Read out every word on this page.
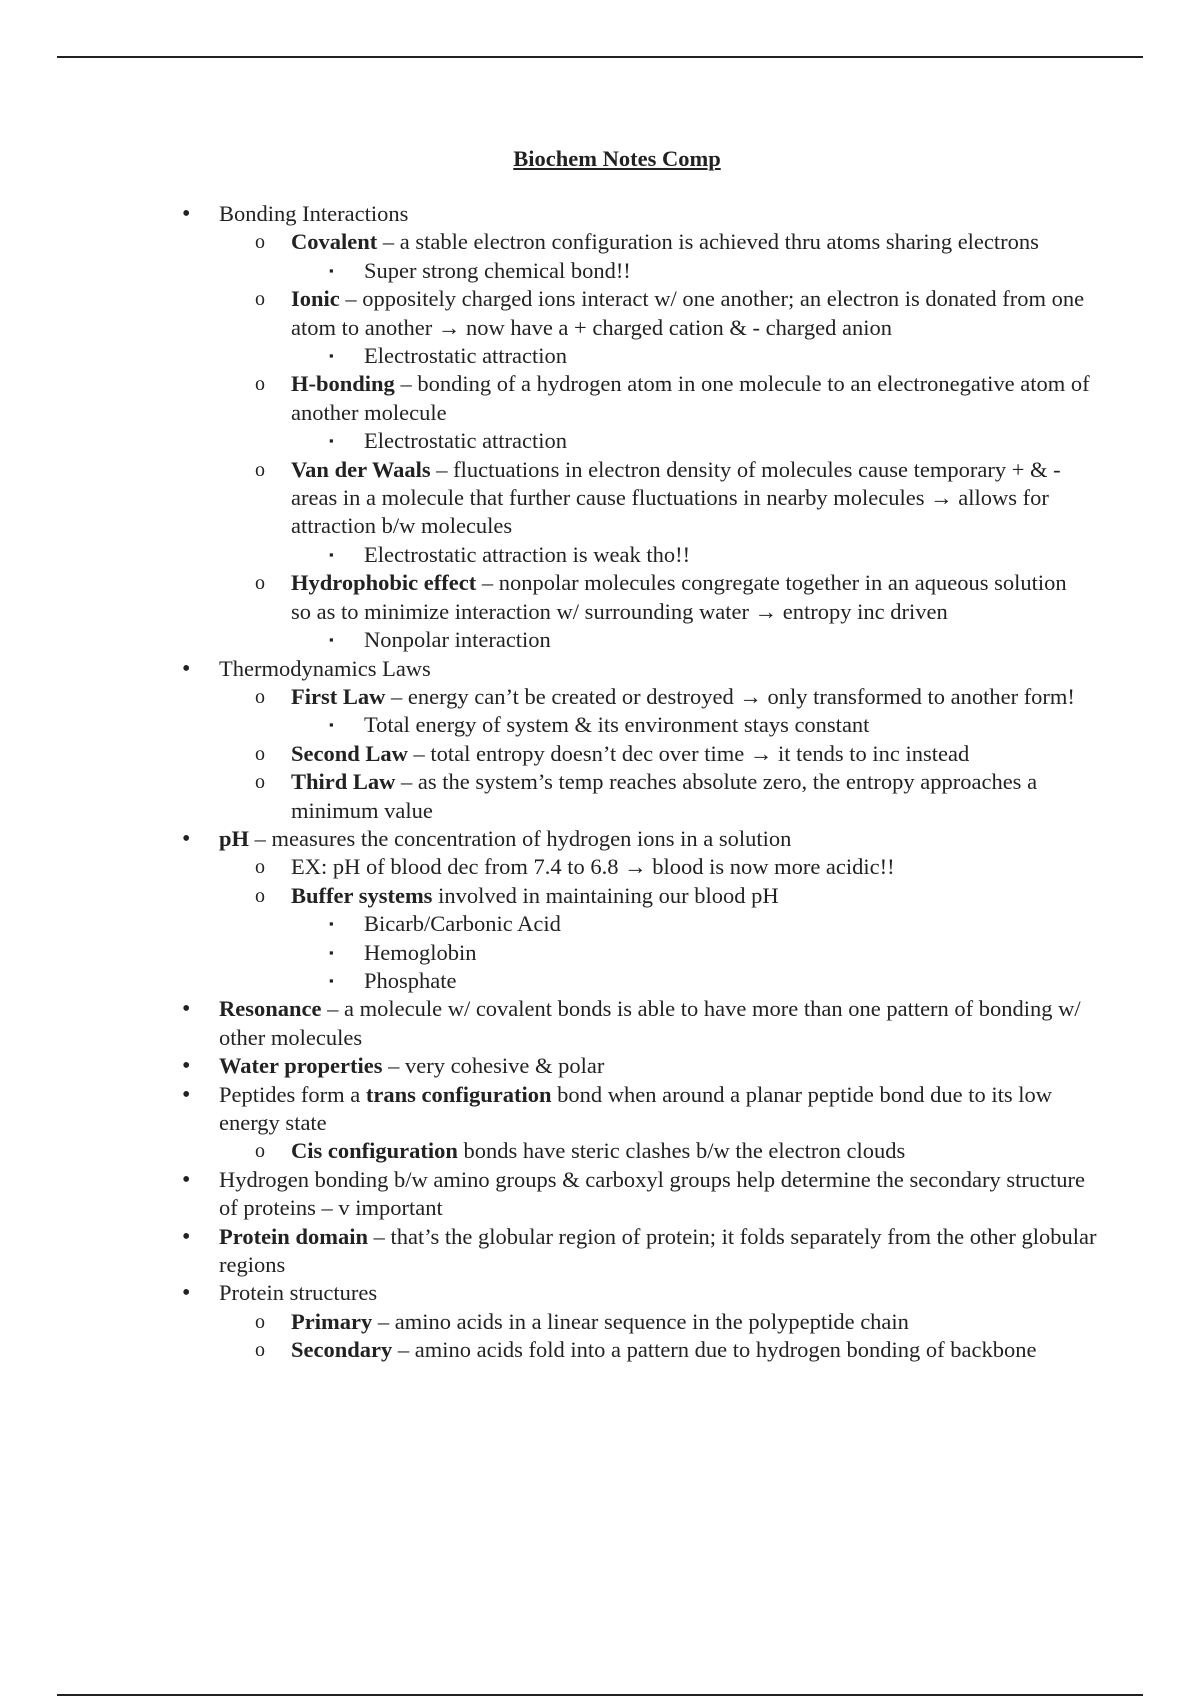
Biochem Notes Comp
• Bonding Interactions
o Covalent – a stable electron configuration is achieved thru atoms sharing electrons
▪ Super strong chemical bond!!
o Ionic – oppositely charged ions interact w/ one another; an electron is donated from one atom to another → now have a + charged cation & - charged anion
▪ Electrostatic attraction
o H-bonding – bonding of a hydrogen atom in one molecule to an electronegative atom of another molecule
▪ Electrostatic attraction
o Van der Waals – fluctuations in electron density of molecules cause temporary + & - areas in a molecule that further cause fluctuations in nearby molecules → allows for attraction b/w molecules
▪ Electrostatic attraction is weak tho!!
o Hydrophobic effect – nonpolar molecules congregate together in an aqueous solution so as to minimize interaction w/ surrounding water → entropy inc driven
▪ Nonpolar interaction
• Thermodynamics Laws
o First Law – energy can’t be created or destroyed → only transformed to another form!
▪ Total energy of system & its environment stays constant
o Second Law – total entropy doesn’t dec over time → it tends to inc instead
o Third Law – as the system’s temp reaches absolute zero, the entropy approaches a minimum value
• pH – measures the concentration of hydrogen ions in a solution
o EX: pH of blood dec from 7.4 to 6.8 → blood is now more acidic!!
o Buffer systems involved in maintaining our blood pH
▪ Bicarb/Carbonic Acid
▪ Hemoglobin
▪ Phosphate
• Resonance – a molecule w/ covalent bonds is able to have more than one pattern of bonding w/ other molecules
• Water properties – very cohesive & polar
• Peptides form a trans configuration bond when around a planar peptide bond due to its low energy state
o Cis configuration bonds have steric clashes b/w the electron clouds
• Hydrogen bonding b/w amino groups & carboxyl groups help determine the secondary structure of proteins – v important
• Protein domain – that’s the globular region of protein; it folds separately from the other globular regions
• Protein structures
o Primary – amino acids in a linear sequence in the polypeptide chain
o Secondary – amino acids fold into a pattern due to hydrogen bonding of backbone
